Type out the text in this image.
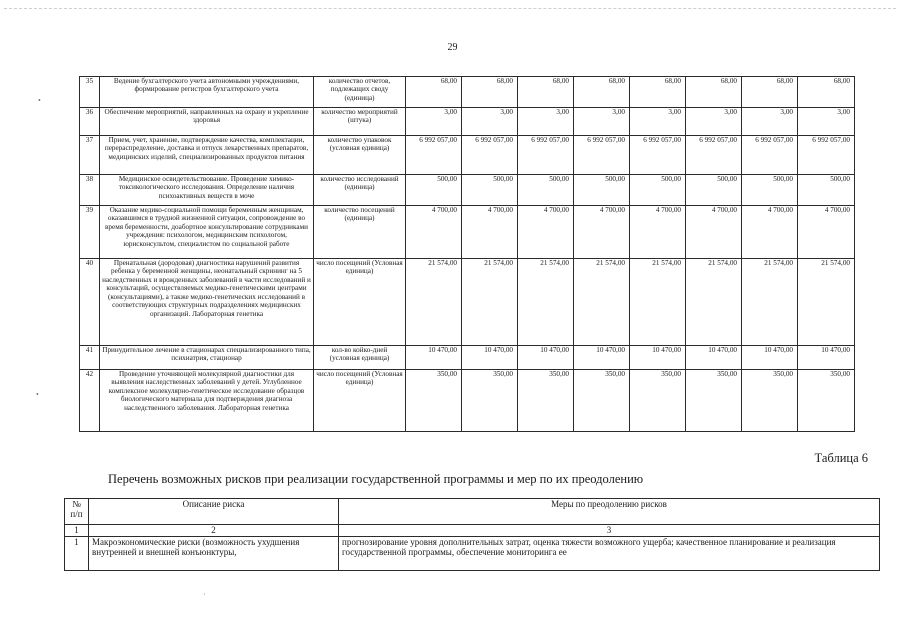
29
35	Ведение бухгалтерского учета автономными учреждениями, формирование регистров бухгалтерского учета	количество отчетов, подлежащих своду (единица)	68,00	68,00	68,00	68,00	68,00	68,00	68,00	68,00
36	Обеспечение мероприятий, направленных на охрану и укрепление здоровья	количество мероприятий (штука)	3,00	3,00	3,00	3,00	3,00	3,00	3,00	3,00
37	Прием, учет, хранение, подтверждение качества, комплектации, перераспределение, доставка и отпуск лекарственных препаратов, медицинских изделий, специализированных продуктов питания	количество упаковок (условная единица)	6 992 057,00	6 992 057,00	6 992 057,00	6 992 057,00	6 992 057,00	6 992 057,00	6 992 057,00	6 992 057,00
38	Медицинское освидетельствование. Проведение химико-токсикологического исследования. Определение наличия психоактивных веществ в моче	количество исследований (единица)	500,00	500,00	500,00	500,00	500,00	500,00	500,00	500,00
39	Оказание медико-социальной помощи беременным женщинам, оказавшимся в трудной жизненной ситуации, сопровождение во время беременности, доабортное консультирование сотрудниками учреждения: психологом, медицинским психологом, юрисконсультом, специалистом по социальной работе	количество посещений (единица)	4 700,00	4 700,00	4 700,00	4 700,00	4 700,00	4 700,00	4 700,00	4 700,00
40	Пренатальная (дородовая) диагностика нарушений развития ребенка у беременной женщины, неонатальный скрининг на 5 наследственных и врожденных заболеваний в части исследований и консультаций, осуществляемых медико-генетическими центрами (консультациями), а также медико-генетических исследований в соответствующих структурных подразделениях медицинских организаций. Лабораторная генетика	число посещений (Условная единица)	21 574,00	21 574,00	21 574,00	21 574,00	21 574,00	21 574,00	21 574,00	21 574,00
41	Принудительное лечение в стационарах специализированного типа, психиатрия, стационар	кол-во койко-дней (условная единица)	10 470,00	10 470,00	10 470,00	10 470,00	10 470,00	10 470,00	10 470,00	10 470,00
42	Проведение уточняющей молекулярной диагностики для выявления наследственных заболеваний у детей. Углубленное комплексное молекулярно-генетическое исследование образцов биологического материала для подтверждения диагноза наследственного заболевания. Лабораторная генетика	число посещений (Условная единица)	350,00	350,00	350,00	350,00	350,00	350,00	350,00	350,00
Таблица 6
Перечень возможных рисков при реализации государственной программы и мер по их преодолению
№ п/п	Описание риска	Меры по преодолению рисков
1	2	3
1	Макроэкономические риски (возможность ухудшения внутренней и внешней конъюнктуры,	прогнозирование уровня дополнительных затрат, оценка тяжести возможного ущерба; качественное планирование и реализация государственной программы, обеспечение мониторинга ее
•
•
·
